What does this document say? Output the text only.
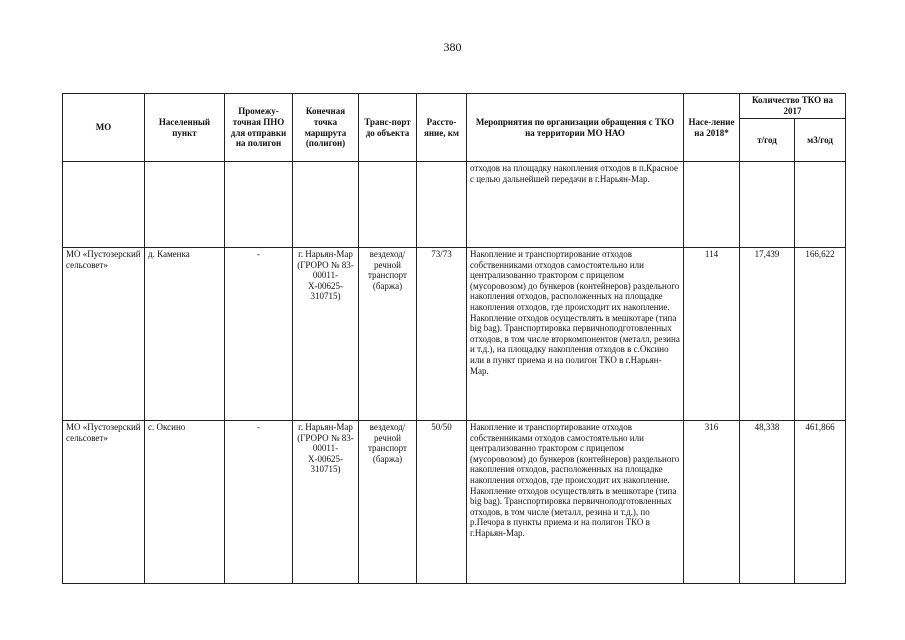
380
МО	Населенный пункт	Промежу-точная ПНО для отправки на полигон	Конечная точка маршрута (полигон)	Транс-порт до объекта	Рассто-яние, км	Мероприятия по организации обращения с ТКО на территории МО НАО	Насе-ление на 2018*	Количество ТКО на 2017	
								т/год	м3/год
						отходов на площадку накопления отходов в п.Красное с целью дальнейшей передачи в г.Нарьян-Мар.			
МО «Пустозерский сельсовет»	д. Каменка	-	г. Нарьян-Мар (ГРОРО № 83-00011-Х-00625-310715)	вездеход/ речной транспорт (баржа)	73/73	Накопление и транспортирование отходов собственниками отходов самостоятельно или централизованно трактором с прицепом (мусоровозом) до бункеров (контейнеров) раздельного накопления отходов, расположенных на площадке накопления отходов, где происходит их накопление. Накопление отходов осуществлять в мешкотаре (типа big bag). Транспортировка первичноподготовленных отходов, в том числе вторкомпонентов (металл, резина и т.д.), на площадку накопления отходов в с.Оксино или в пункт приема и на полигон ТКО в г.Нарьян-Мар.	114	17,439	166,622
МО «Пустозерский сельсовет»	с. Оксино	-	г. Нарьян-Мар (ГРОРО № 83-00011-Х-00625-310715)	вездеход/ речной транспорт (баржа)	50/50	Накопление и транспортирование отходов собственниками отходов самостоятельно или централизованно трактором с прицепом (мусоровозом) до бункеров (контейнеров) раздельного накопления отходов, расположенных на площадке накопления отходов, где происходит их накопление. Накопление отходов осуществлять в мешкотаре (типа big bag). Транспортировка первичноподготовленных отходов, в том числе (металл, резина и т.д.), по р.Печора в пункты приема и на полигон ТКО в г.Нарьян-Мар.	316	48,338	461,866
